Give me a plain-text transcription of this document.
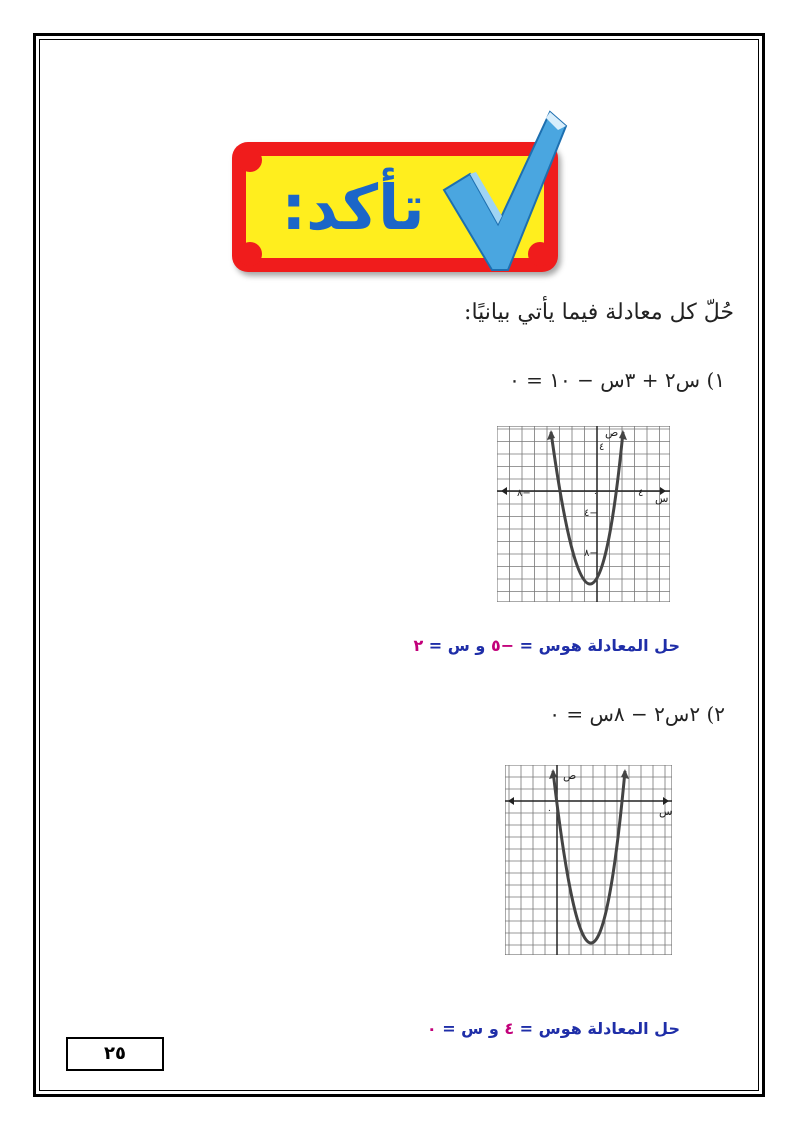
تأكد:
حُلّ كل معادلة فيما يأتي بيانيًا:
١) س٢ + ٣س − ١٠ = ٠
س
ص
٤
٨−	٠	٤
٤−
٨−
حل المعادلة هوس = −٥ و س = ٢
٢) ٢س٢ − ٨س = ٠
س
ص
٠
حل المعادلة هوس = ٤ و س = ٠
٢٥
